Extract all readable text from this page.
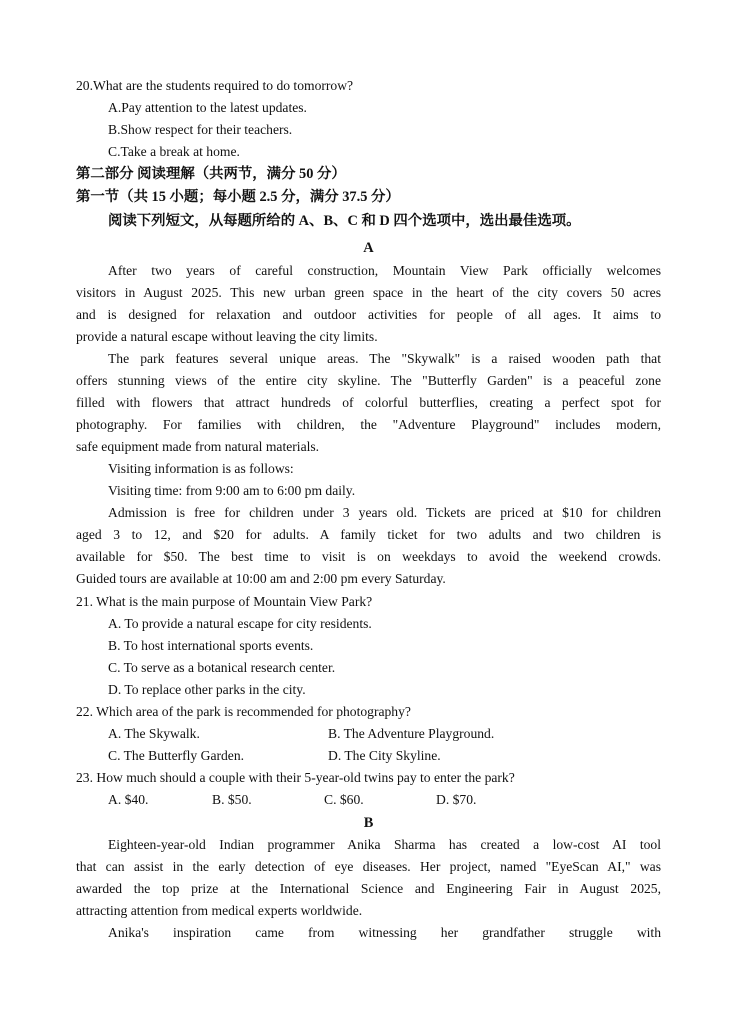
20.What are the students required to do tomorrow?
A.Pay attention to the latest updates.
B.Show respect for their teachers.
C.Take a break at home.
第二部分 阅读理解（共两节，满分 50 分）
第一节（共 15 小题；每小题 2.5 分，满分 37.5 分）
阅读下列短文，从每题所给的 A、B、C 和 D 四个选项中，选出最佳选项。
A
After two years of careful construction, Mountain View Park officially welcomes
visitors in August 2025. This new urban green space in the heart of the city covers 50 acres
and is designed for relaxation and outdoor activities for people of all ages. It aims to
provide a natural escape without leaving the city limits.
The park features several unique areas. The "Skywalk" is a raised wooden path that
offers stunning views of the entire city skyline. The "Butterfly Garden" is a peaceful zone
filled with flowers that attract hundreds of colorful butterflies, creating a perfect spot for
photography. For families with children, the "Adventure Playground" includes modern,
safe equipment made from natural materials.
Visiting information is as follows:
Visiting time: from 9:00 am to 6:00 pm daily.
Admission is free for children under 3 years old. Tickets are priced at $10 for children
aged 3 to 12, and $20 for adults. A family ticket for two adults and two children is
available for $50. The best time to visit is on weekdays to avoid the weekend crowds.
Guided tours are available at 10:00 am and 2:00 pm every Saturday.
21. What is the main purpose of Mountain View Park?
A. To provide a natural escape for city residents.
B. To host international sports events.
C. To serve as a botanical research center.
D. To replace other parks in the city.
22. Which area of the park is recommended for photography?
A. The Skywalk.	B. The Adventure Playground.
C. The Butterfly Garden.	D. The City Skyline.
23. How much should a couple with their 5-year-old twins pay to enter the park?
A. $40.	B. $50.	C. $60.	D. $70.
B
Eighteen-year-old Indian programmer Anika Sharma has created a low-cost AI tool
that can assist in the early detection of eye diseases. Her project, named "EyeScan AI," was
awarded the top prize at the International Science and Engineering Fair in August 2025,
attracting attention from medical experts worldwide.
Anika's inspiration came from witnessing her grandfather struggle with
